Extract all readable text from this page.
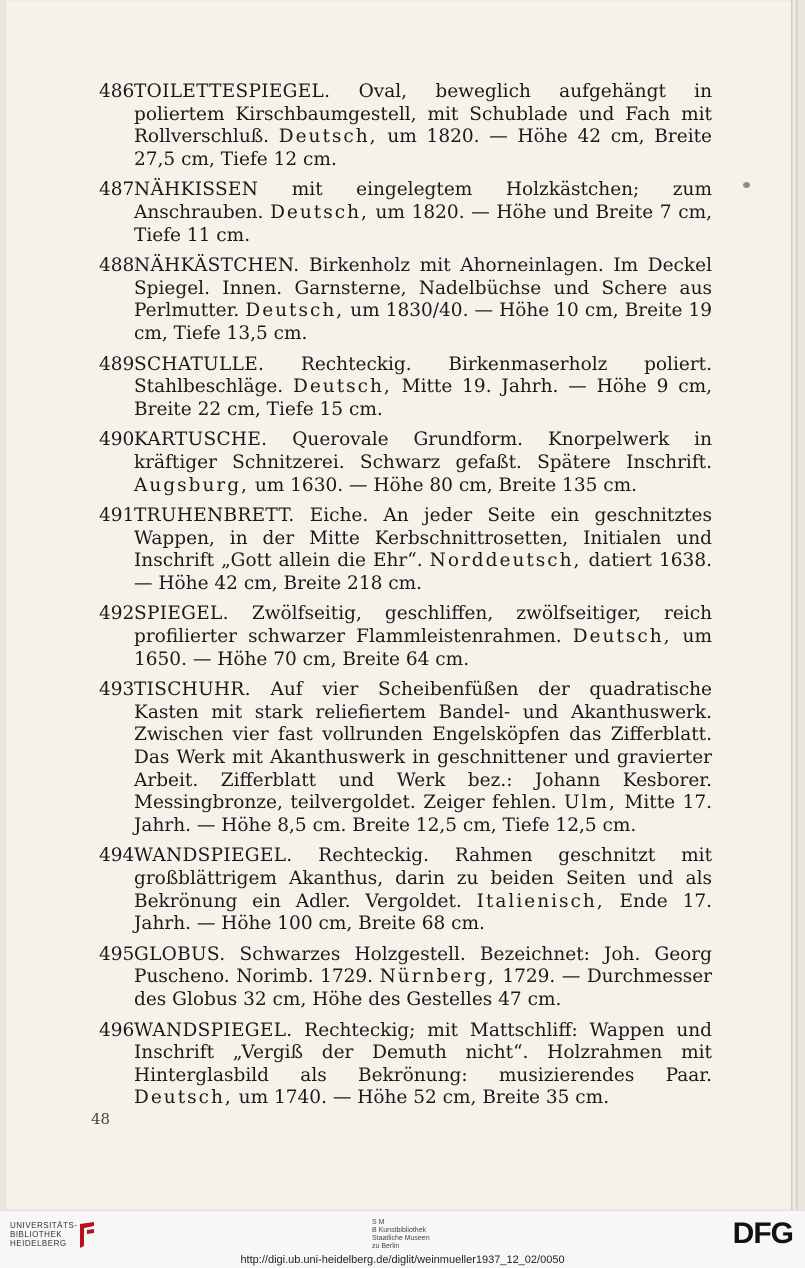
486 TOILETTESPIEGEL. Oval, beweglich aufgehängt in poliertem Kirschbaumgestell, mit Schublade und Fach mit Rollverschluß. Deutsch, um 1820. — Höhe 42 cm, Breite 27,5 cm, Tiefe 12 cm.
487 NÄHKISSEN mit eingelegtem Holzkästchen; zum Anschrauben. Deutsch, um 1820. — Höhe und Breite 7 cm, Tiefe 11 cm.
488 NÄHKÄSTCHEN. Birkenholz mit Ahorneinlagen. Im Deckel Spiegel. Innen. Garnsterne, Nadelbüchse und Schere aus Perlmutter. Deutsch, um 1830/40. — Höhe 10 cm, Breite 19 cm, Tiefe 13,5 cm.
489 SCHATULLE. Rechteckig. Birkenmaserholz poliert. Stahlbeschläge. Deutsch, Mitte 19. Jahrh. — Höhe 9 cm, Breite 22 cm, Tiefe 15 cm.
490 KARTUSCHE. Querovale Grundform. Knorpelwerk in kräftiger Schnitzerei. Schwarz gefaßt. Spätere Inschrift. Augsburg, um 1630. — Höhe 80 cm, Breite 135 cm.
491 TRUHENBRETT. Eiche. An jeder Seite ein geschnitztes Wappen, in der Mitte Kerbschnittrosetten, Initialen und Inschrift „Gott allein die Ehr“. Norddeutsch, datiert 1638. — Höhe 42 cm, Breite 218 cm.
492 SPIEGEL. Zwölfseitig, geschliffen, zwölfseitiger, reich profilierter schwarzer Flammleistenrahmen. Deutsch, um 1650. — Höhe 70 cm, Breite 64 cm.
493 TISCHUHR. Auf vier Scheibenfüßen der quadratische Kasten mit stark reliefiertem Bandel- und Akanthuswerk. Zwischen vier fast vollrunden Engelsköpfen das Zifferblatt. Das Werk mit Akanthuswerk in geschnittener und gravierter Arbeit. Zifferblatt und Werk bez.: Johann Kesborer. Messingbronze, teilvergoldet. Zeiger fehlen. Ulm, Mitte 17. Jahrh. — Höhe 8,5 cm. Breite 12,5 cm, Tiefe 12,5 cm.
494 WANDSPIEGEL. Rechteckig. Rahmen geschnitzt mit großblättrigem Akanthus, darin zu beiden Seiten und als Bekrönung ein Adler. Vergoldet. Italienisch, Ende 17. Jahrh. — Höhe 100 cm, Breite 68 cm.
495 GLOBUS. Schwarzes Holzgestell. Bezeichnet: Joh. Georg Puscheno. Norimb. 1729. Nürnberg, 1729. — Durchmesser des Globus 32 cm, Höhe des Gestelles 47 cm.
496 WANDSPIEGEL. Rechteckig; mit Mattschliff: Wappen und Inschrift „Vergiß der Demuth nicht“. Holzrahmen mit Hinterglasbild als Bekrönung: musizierendes Paar. Deutsch, um 1740. — Höhe 52 cm, Breite 35 cm.
48
UNIVERSITÄTS-
BIBLIOTHEK
HEIDELBERG
S M
B Kunstbibliothek
Staatliche Museen
zu Berlin	DFG
http://digi.ub.uni-heidelberg.de/diglit/weinmueller1937_12_02/0050
